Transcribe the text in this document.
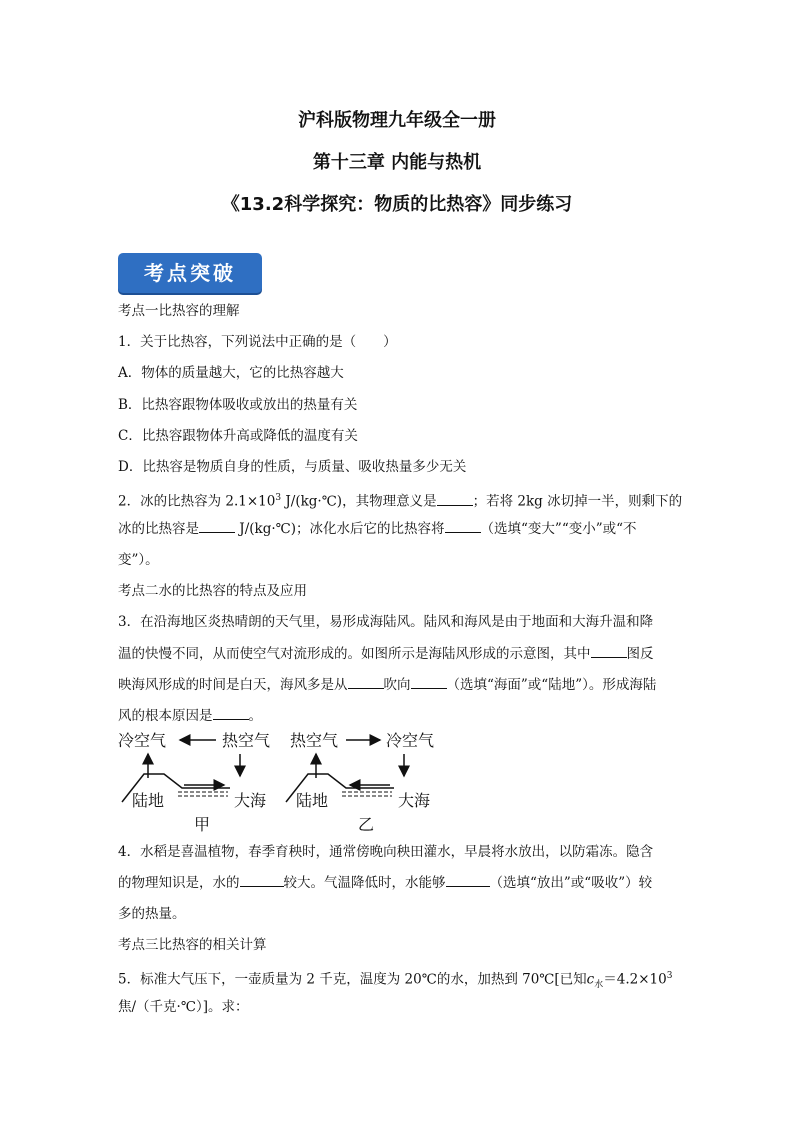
沪科版物理九年级全一册
第十三章 内能与热机
《13.2科学探究：物质的比热容》同步练习
考点突破
考点一比热容的理解
1．关于比热容，下列说法中正确的是（　　）
A．物体的质量越大，它的比热容越大
B．比热容跟物体吸收或放出的热量有关
C．比热容跟物体升高或降低的温度有关
D．比热容是物质自身的性质，与质量、吸收热量多少无关
2．冰的比热容为 $2.1\times 10^3$ J/(kg·℃)，其物理意义是	；若将 2kg 冰切掉一半，则剩下的
冰的比热容是	J/(kg·℃)；冰化水后它的比热容将	（选填“变大”“变小”或“不
变”）。
考点二水的比热容的特点及应用
3．在沿海地区炎热晴朗的天气里，易形成海陆风。陆风和海风是由于地面和大海升温和降
温的快慢不同，从而使空气对流形成的。如图所示是海陆风形成的示意图，其中	图反
映海风形成的时间是白天，海风多是从	吹向	（选填“海面”或“陆地”）。形成海陆
风的根本原因是	。
冷空气	热空气
陆地	大海
甲
热空气	冷空气
陆地	大海
乙
4．水稻是喜温植物，春季育秧时，通常傍晚向秧田灌水，早晨将水放出，以防霜冻。隐含
的物理知识是，水的	较大。气温降低时，水能够	（选填“放出”或“吸收”）较
多的热量。
考点三比热容的相关计算
5．标准大气压下，一壶质量为 2 千克，温度为 20℃的水，加热到 70℃[已知$c_水=4.2\times 10^3$
焦/（千克·℃）]。求：
